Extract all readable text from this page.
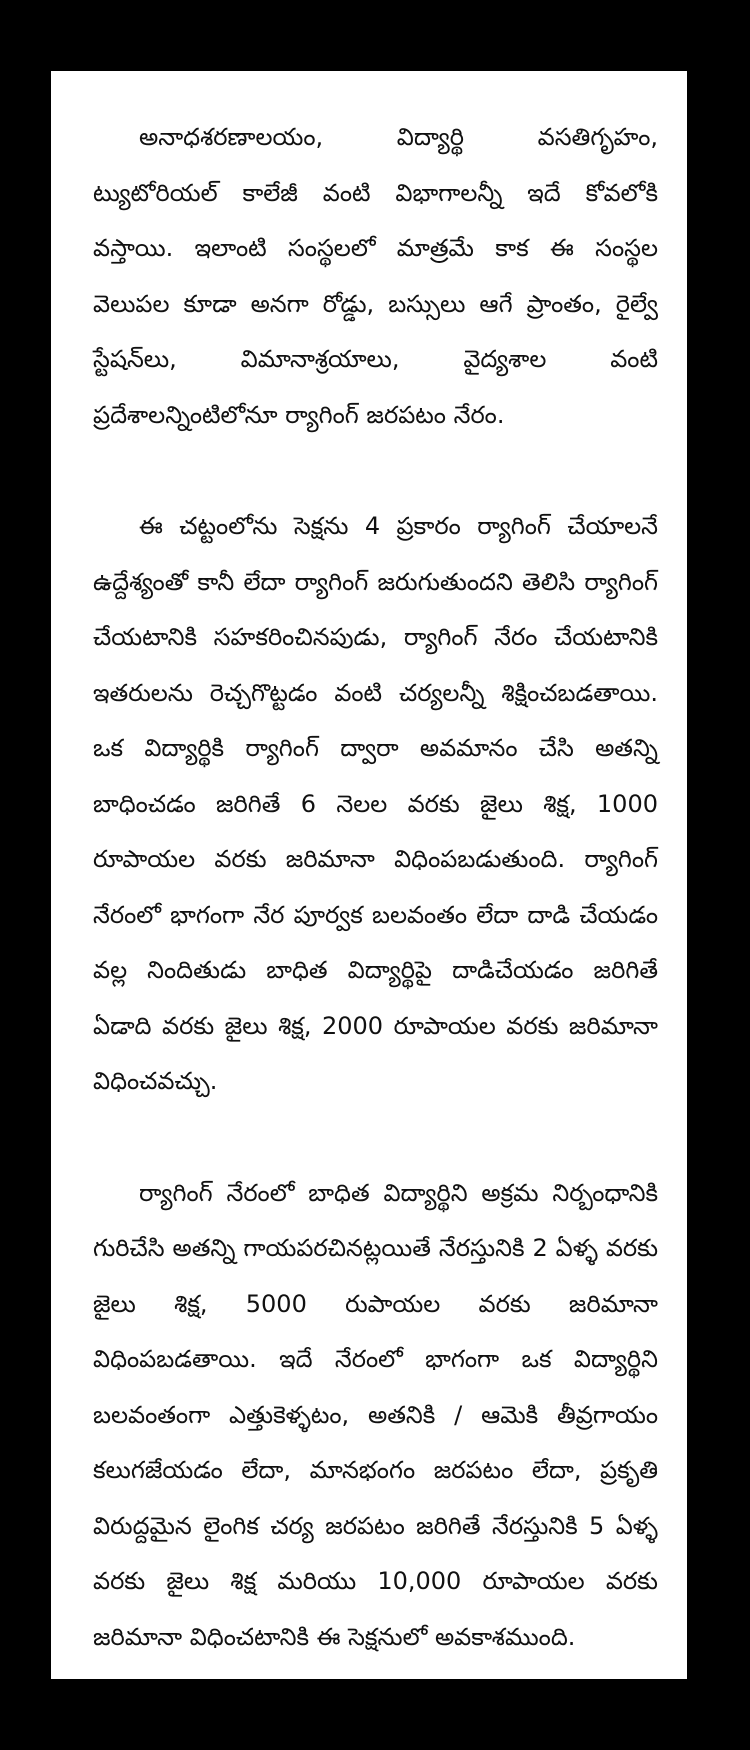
అనాధశరణాలయం, విద్యార్థి వసతిగృహం, ట్యుటోరియల్ కాలేజీ వంటి విభాగాలన్నీ ఇదే కోవలోకి వస్తాయి. ఇలాంటి సంస్థలలో మాత్రమే కాక ఈ సంస్థల వెలుపల కూడా అనగా రోడ్డు, బస్సులు ఆగే ప్రాంతం, రైల్వే స్టేషన్‌లు, విమానాశ్రయాలు, వైద్యశాల వంటి ప్రదేశాలన్నింటిలోనూ ర్యాగింగ్ జరపటం నేరం.

ఈ చట్టంలోను సెక్షను 4 ప్రకారం ర్యాగింగ్ చేయాలనే ఉద్దేశ్యంతో కానీ లేదా ర్యాగింగ్ జరుగుతుందని తెలిసి ర్యాగింగ్ చేయటానికి సహకరించినపుడు, ర్యాగింగ్ నేరం చేయటానికి ఇతరులను రెచ్చగొట్టడం వంటి చర్యలన్నీ శిక్షించబడతాయి. ఒక విద్యార్థికి ర్యాగింగ్ ద్వారా అవమానం చేసి అతన్ని బాధించడం జరిగితే 6 నెలల వరకు జైలు శిక్ష, 1000 రూపాయల వరకు జరిమానా విధింపబడుతుంది. ర్యాగింగ్ నేరంలో భాగంగా నేర పూర్వక బలవంతం లేదా దాడి చేయడం వల్ల నిందితుడు బాధిత విద్యార్థిపై దాడిచేయడం జరిగితే ఏడాది వరకు జైలు శిక్ష, 2000 రూపాయల వరకు జరిమానా విధించవచ్చు.

ర్యాగింగ్ నేరంలో బాధిత విద్యార్థిని అక్రమ నిర్బంధానికి గురిచేసి అతన్ని గాయపరచినట్లయితే నేరస్తునికి 2 ఏళ్ళ వరకు జైలు శిక్ష, 5000 రుపాయల వరకు జరిమానా విధింపబడతాయి. ఇదే నేరంలో భాగంగా ఒక విద్యార్థిని బలవంతంగా ఎత్తుకెళ్ళటం, అతనికి / ఆమెకి తీవ్రగాయం కలుగజేయడం లేదా, మానభంగం జరపటం లేదా, ప్రకృతి విరుద్దమైన లైంగిక చర్య జరపటం జరిగితే నేరస్తునికి 5 ఏళ్ళ వరకు జైలు శిక్ష మరియు 10,000 రూపాయల వరకు జరిమానా విధించటానికి ఈ సెక్షనులో అవకాశముంది.
